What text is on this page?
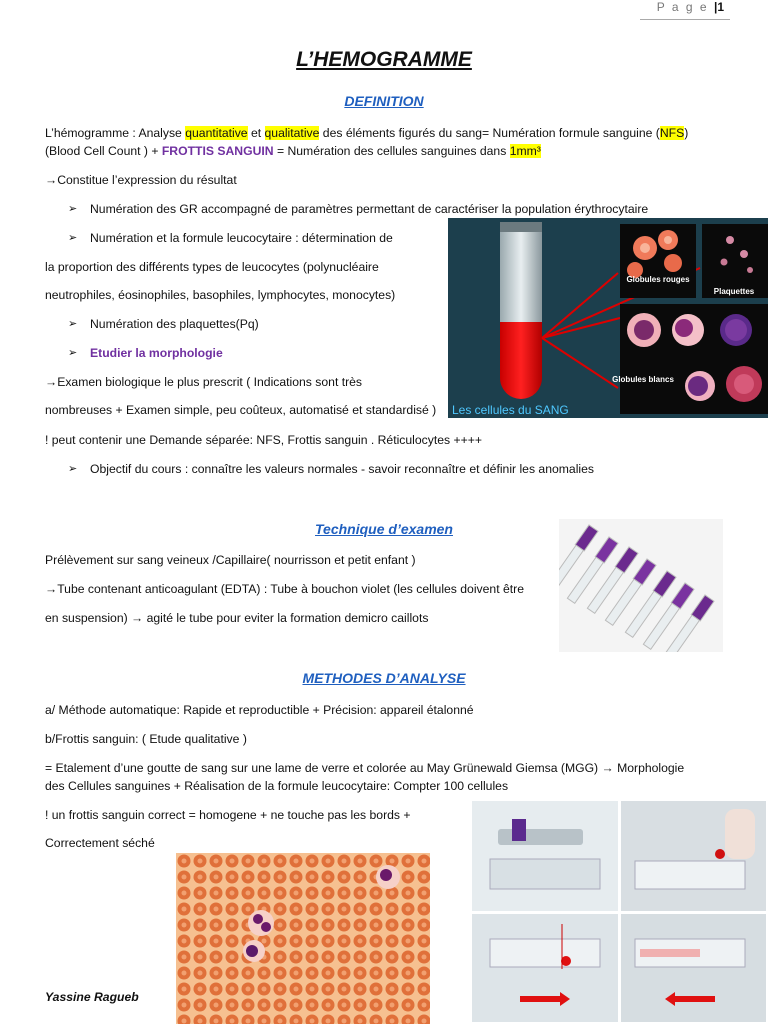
P a g e |1
L’HEMOGRAMME
DEFINITION
L’hémogramme : Analyse quantitative et qualitative des éléments figurés du sang= Numération formule sanguine (NFS)
(Blood Cell Count ) + FROTTIS SANGUIN = Numération des cellules sanguines dans 1mm³
→Constitue l’expression du résultat
➢ Numération des GR accompagné de paramètres permettant de caractériser la population érythrocytaire
➢ Numération et la formule leucocytaire : détermination de
la proportion des différents types de leucocytes (polynucléaire
neutrophiles, éosinophiles, basophiles, lymphocytes, monocytes)
➢ Numération des plaquettes(Pq)
➢ Etudier la morphologie
→Examen biologique le plus prescrit ( Indications sont très
nombreuses + Examen simple, peu coûteux, automatisé et standardisé )
! peut contenir une Demande séparée: NFS, Frottis sanguin . Réticulocytes ++++
➢ Objectif du cours : connaître les valeurs normales - savoir reconnaître et définir les anomalies
Globules rouges
Plaquettes
Globules blancs
Les cellules du SANG
Technique d’examen
Prélèvement sur sang veineux /Capillaire( nourrisson et petit enfant )
→Tube contenant anticoagulant (EDTA) : Tube à bouchon violet (les cellules doivent être
en suspension) → agité le tube pour eviter la formation demicro caillots
METHODES D’ANALYSE
a/ Méthode automatique: Rapide et reproductible + Précision: appareil étalonné
b/Frottis sanguin: ( Etude qualitative )
= Etalement d’une goutte de sang sur une lame de verre et colorée au May Grünewald Giemsa (MGG) → Morphologie
des Cellules sanguines + Réalisation de la formule leucocytaire: Compter 100 cellules
! un frottis sanguin correct = homogene + ne touche pas les bords +
Correctement séché
Yassine Ragueb
